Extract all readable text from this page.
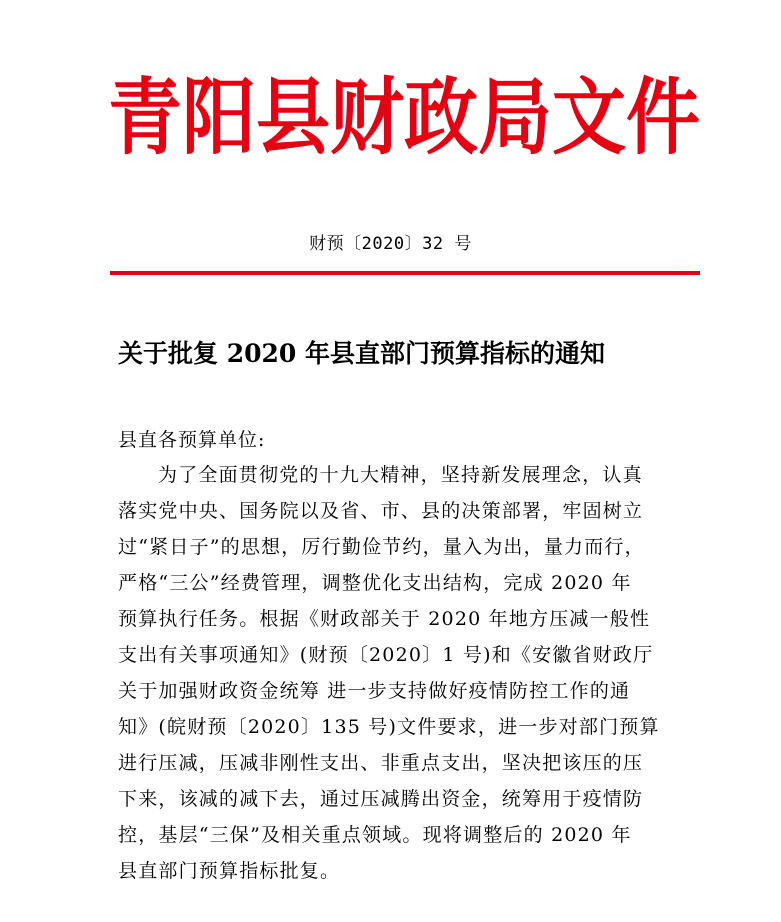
青阳县财政局文件
财预〔2020〕32 号
关于批复 2020 年县直部门预算指标的通知
县直各预算单位:
为了全面贯彻党的十九大精神，坚持新发展理念，认真
落实党中央、国务院以及省、市、县的决策部署，牢固树立
过“紧日子”的思想，厉行勤俭节约，量入为出，量力而行，
严格“三公”经费管理，调整优化支出结构，完成 2020 年
预算执行任务。根据《财政部关于 2020 年地方压减一般性
支出有关事项通知》(财预〔2020〕1 号)和《安徽省财政厅
关于加强财政资金统筹 进一步支持做好疫情防控工作的通
知》(皖财预〔2020〕135 号)文件要求，进一步对部门预算
进行压减，压减非刚性支出、非重点支出，坚决把该压的压
下来，该减的减下去，通过压减腾出资金，统筹用于疫情防
控，基层“三保”及相关重点领域。现将调整后的 2020 年
县直部门预算指标批复。
